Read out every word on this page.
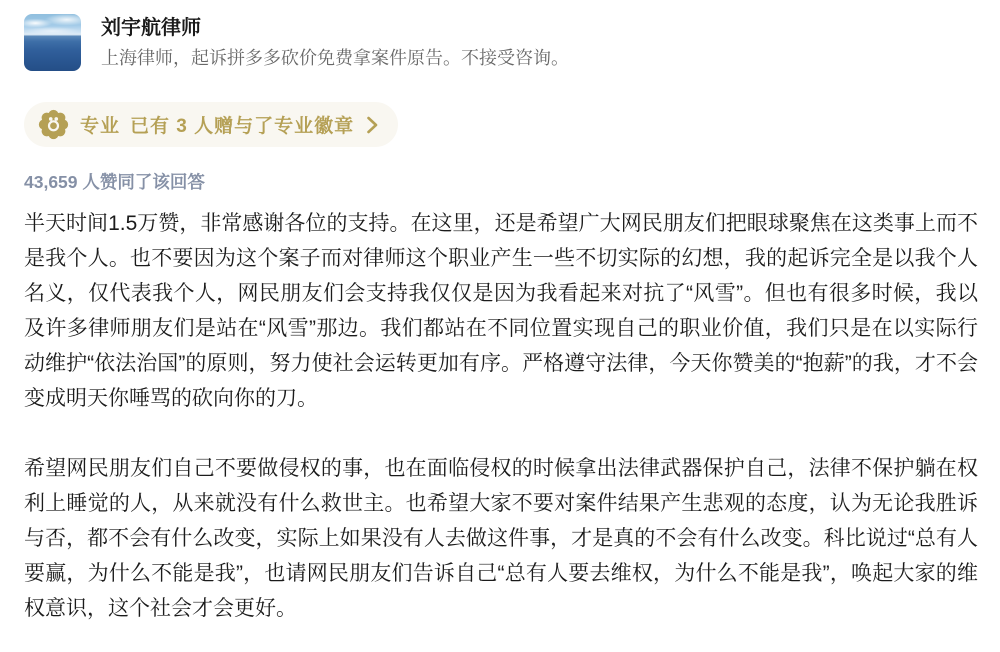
刘宇航律师
上海律师，起诉拼多多砍价免费拿案件原告。不接受咨询。
专业 已有 3 人赠与了专业徽章
43,659 人赞同了该回答

半天时间1.5万赞，非常感谢各位的支持。在这里，还是希望广大网民朋友们把眼球聚焦在这类事上而不是我个人。也不要因为这个案子而对律师这个职业产生一些不切实际的幻想，我的起诉完全是以我个人名义，仅代表我个人，网民朋友们会支持我仅仅是因为我看起来对抗了“风雪”。但也有很多时候，我以及许多律师朋友们是站在“风雪”那边。我们都站在不同位置实现自己的职业价值，我们只是在以实际行动维护“依法治国”的原则，努力使社会运转更加有序。严格遵守法律，今天你赞美的“抱薪”的我，才不会变成明天你唾骂的砍向你的刀。

希望网民朋友们自己不要做侵权的事，也在面临侵权的时候拿出法律武器保护自己，法律不保护躺在权利上睡觉的人，从来就没有什么救世主。也希望大家不要对案件结果产生悲观的态度，认为无论我胜诉与否，都不会有什么改变，实际上如果没有人去做这件事，才是真的不会有什么改变。科比说过“总有人要赢，为什么不能是我”，也请网民朋友们告诉自己“总有人要去维权，为什么不能是我”，唤起大家的维权意识，这个社会才会更好。
